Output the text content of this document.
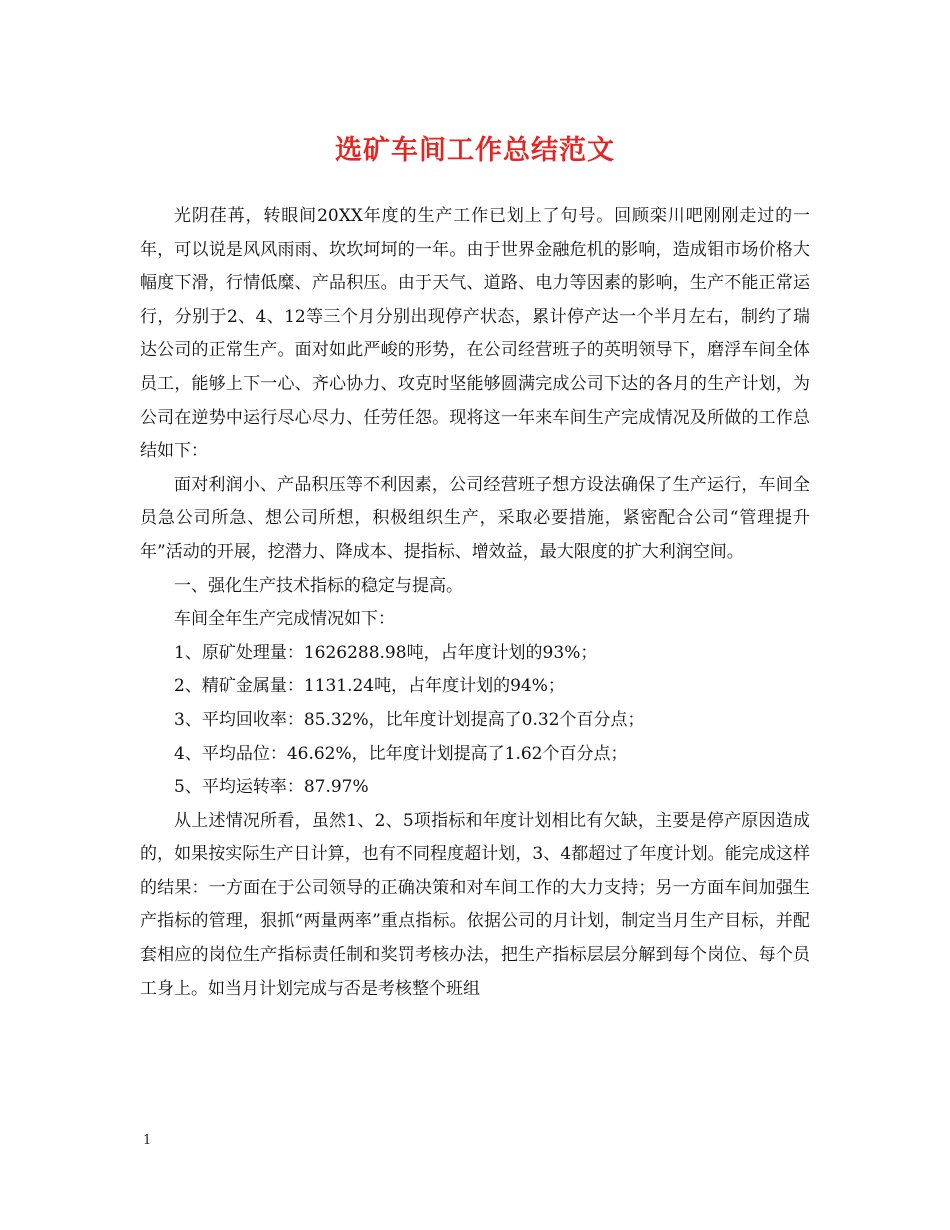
选矿车间工作总结范文

光阴荏苒，转眼间20XX年度的生产工作已划上了句号。回顾栾川吧刚刚走过的一年，可以说是风风雨雨、坎坎坷坷的一年。由于世界金融危机的影响，造成钼市场价格大幅度下滑，行情低糜、产品积压。由于天气、道路、电力等因素的影响，生产不能正常运行，分别于2、4、12等三个月分别出现停产状态，累计停产达一个半月左右，制约了瑞达公司的正常生产。面对如此严峻的形势，在公司经营班子的英明领导下，磨浮车间全体员工，能够上下一心、齐心协力、攻克时坚能够圆满完成公司下达的各月的生产计划，为公司在逆势中运行尽心尽力、任劳任怨。现将这一年来车间生产完成情况及所做的工作总结如下：

面对利润小、产品积压等不利因素，公司经营班子想方设法确保了生产运行，车间全员急公司所急、想公司所想，积极组织生产，采取必要措施，紧密配合公司“管理提升年”活动的开展，挖潜力、降成本、提指标、增效益，最大限度的扩大利润空间。

一、强化生产技术指标的稳定与提高。

车间全年生产完成情况如下：

1、原矿处理量：1626288.98吨，占年度计划的93%；

2、精矿金属量：1131.24吨，占年度计划的94%；

3、平均回收率：85.32%，比年度计划提高了0.32个百分点；

4、平均品位：46.62%，比年度计划提高了1.62个百分点；

5、平均运转率：87.97%

从上述情况所看，虽然1、2、5项指标和年度计划相比有欠缺，主要是停产原因造成的，如果按实际生产日计算，也有不同程度超计划，3、4都超过了年度计划。能完成这样的结果：一方面在于公司领导的正确决策和对车间工作的大力支持；另一方面车间加强生产指标的管理，狠抓“两量两率”重点指标。依据公司的月计划，制定当月生产目标，并配套相应的岗位生产指标责任制和奖罚考核办法，把生产指标层层分解到每个岗位、每个员工身上。如当月计划完成与否是考核整个班组

1
